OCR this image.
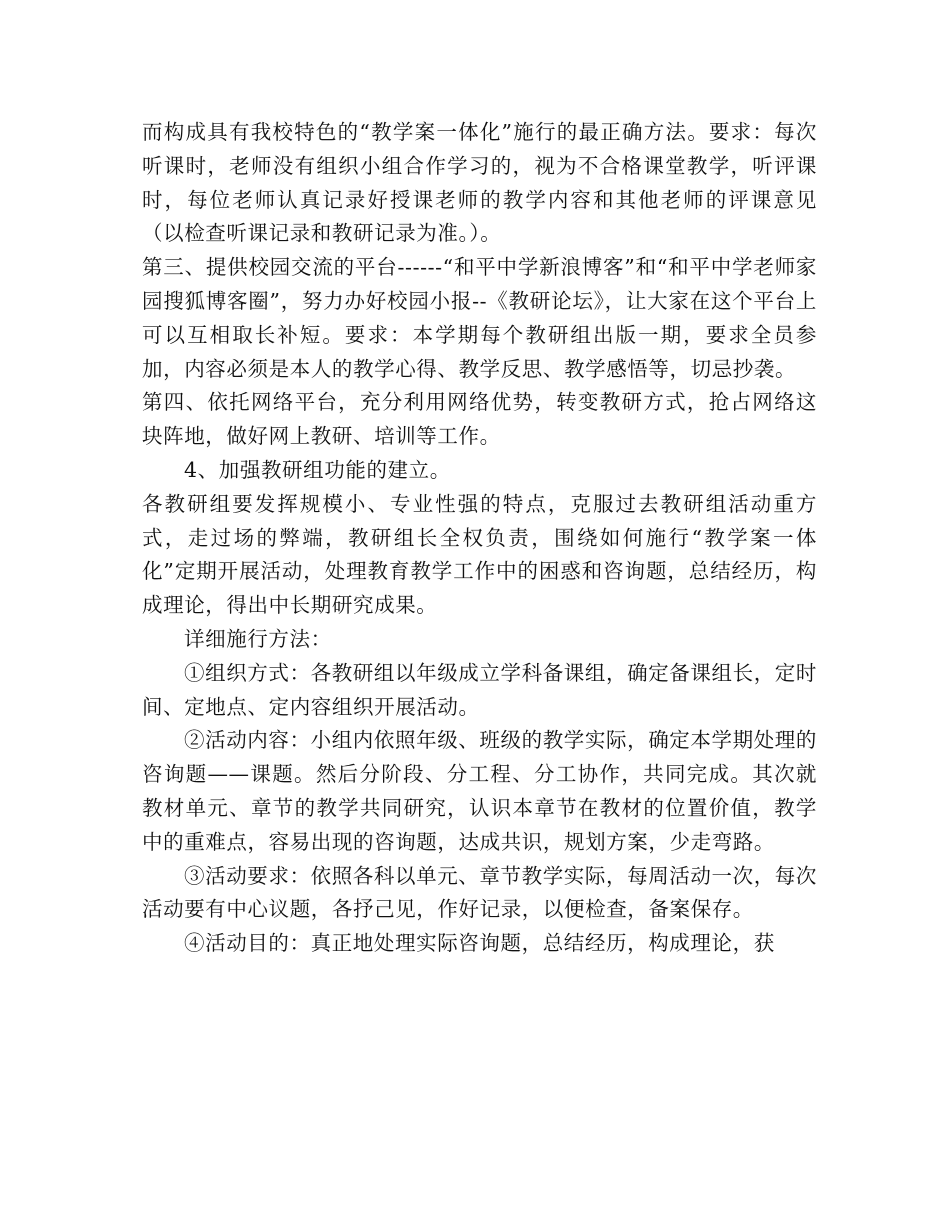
而构成具有我校特色的“教学案一体化”施行的最正确方法。要求：每次听课时，老师没有组织小组合作学习的，视为不合格课堂教学，听评课时，每位老师认真记录好授课老师的教学内容和其他老师的评课意见（以检查听课记录和教研记录为准。）。

第三、提供校园交流的平台------“和平中学新浪博客”和“和平中学老师家园搜狐博客圈”，努力办好校园小报--《教研论坛》，让大家在这个平台上可以互相取长补短。要求：本学期每个教研组出版一期，要求全员参加，内容必须是本人的教学心得、教学反思、教学感悟等，切忌抄袭。

第四、依托网络平台，充分利用网络优势，转变教研方式，抢占网络这块阵地，做好网上教研、培训等工作。

4、加强教研组功能的建立。

各教研组要发挥规模小、专业性强的特点，克服过去教研组活动重方式，走过场的弊端，教研组长全权负责，围绕如何施行“教学案一体化”定期开展活动，处理教育教学工作中的困惑和咨询题，总结经历，构成理论，得出中长期研究成果。

详细施行方法：

①组织方式：各教研组以年级成立学科备课组，确定备课组长，定时间、定地点、定内容组织开展活动。

②活动内容：小组内依照年级、班级的教学实际，确定本学期处理的咨询题——课题。然后分阶段、分工程、分工协作，共同完成。其次就教材单元、章节的教学共同研究，认识本章节在教材的位置价值，教学中的重难点，容易出现的咨询题，达成共识，规划方案，少走弯路。

③活动要求：依照各科以单元、章节教学实际，每周活动一次，每次活动要有中心议题，各抒己见，作好记录，以便检查，备案保存。

④活动目的：真正地处理实际咨询题，总结经历，构成理论，获
